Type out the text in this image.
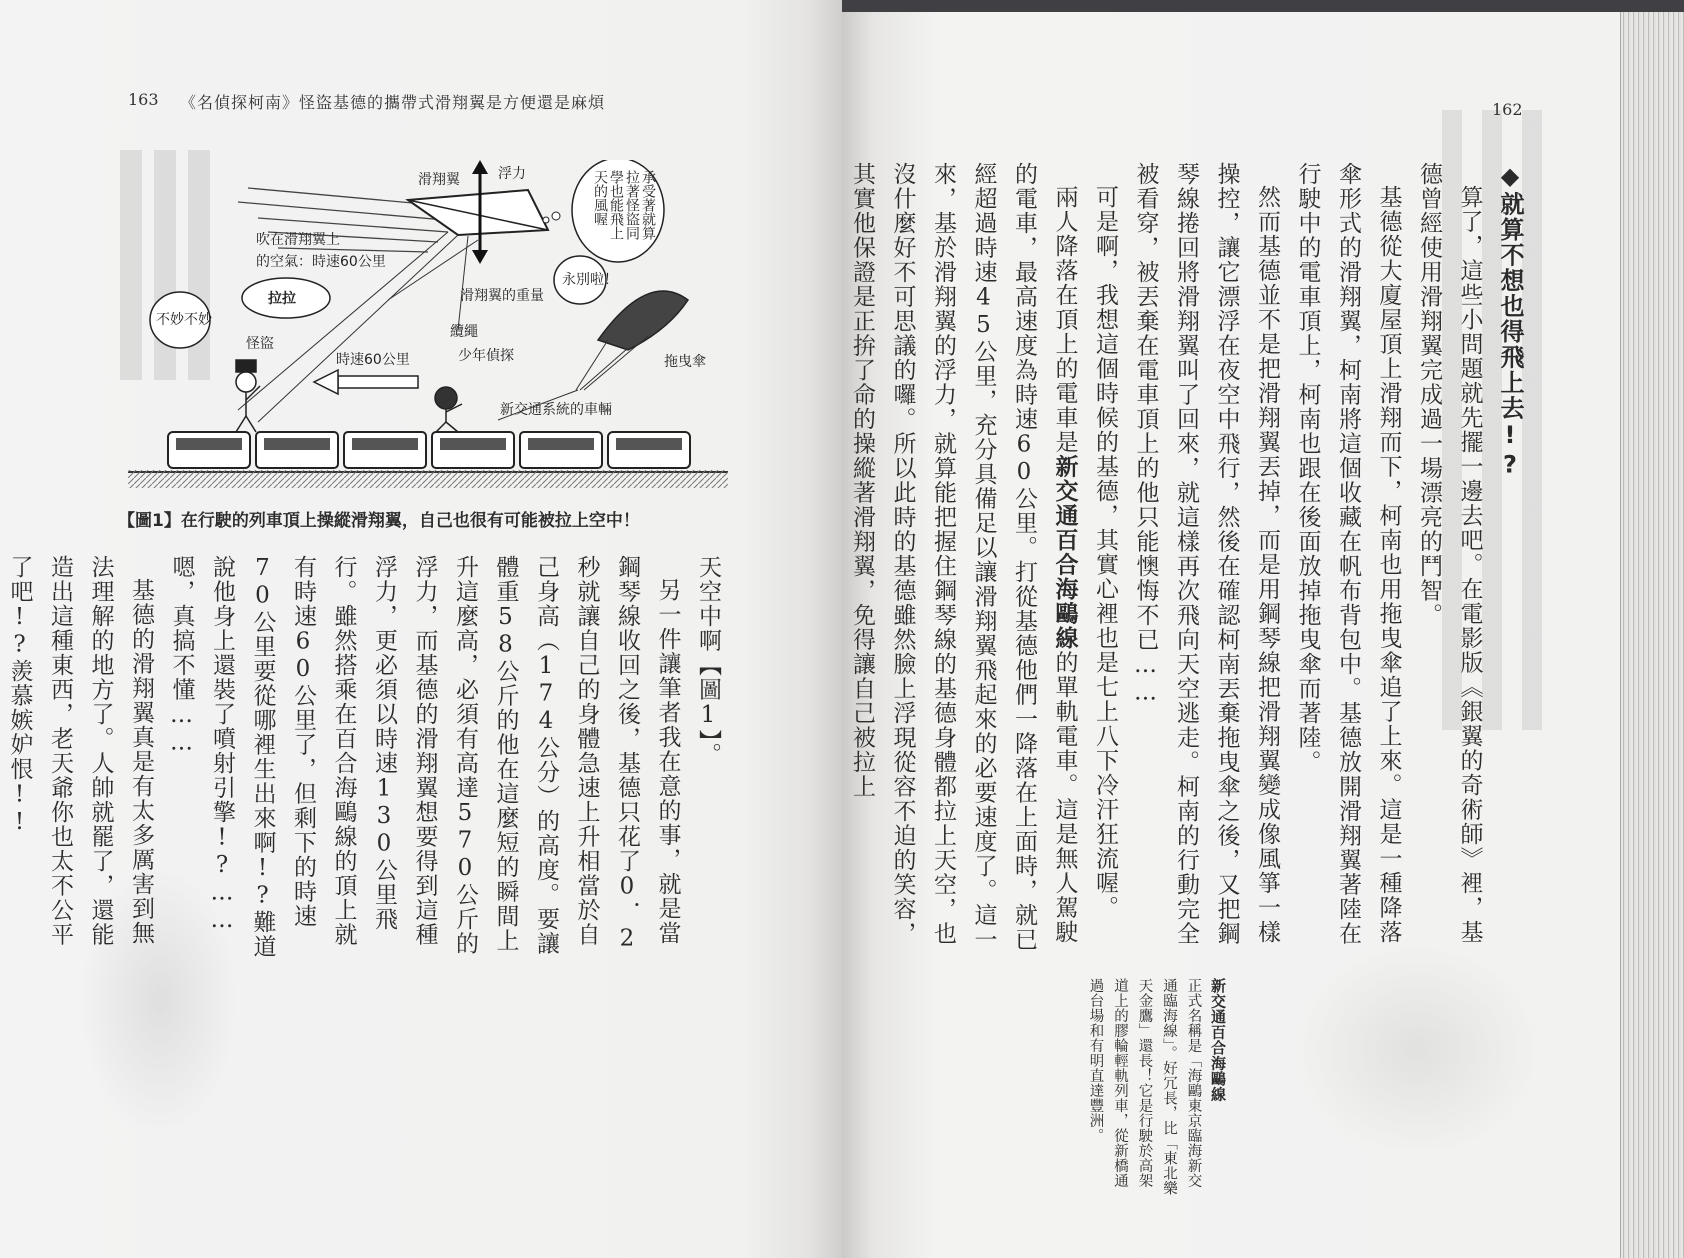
163 《名偵探柯南》怪盜基德的攜帶式滑翔翼是方便還是麻煩
滑翔翼	浮力
吹在滑翔翼上
的空氣：時速60公里
滑翔翼的重量
纜繩
怪盜
時速60公里	少年偵探
新交通系統的車輛
拖曳傘
拉拉
不妙不妙
永別啦！
承受著就算
拉著怪盜同
學也能飛上
天的風喔
【圖1】在行駛的列車頂上操縱滑翔翼，自己也很有可能被拉上空中！

天空中啊【圖1】。

另一件讓筆者我在意的事，就是當鋼琴線收回之後，基德只花了0．2秒就讓自己的身體急速上升相當於自己身高（174公分）的高度。要讓體重58公斤的他在這麼短的瞬間上升這麼高，必須有高達570公斤的浮力，而基德的滑翔翼想要得到這種浮力，更必須以時速130公里飛行。雖然搭乘在百合海鷗線的頂上就有時速60公里了，但剩下的時速70公里要從哪裡生出來啊!?難道說他身上還裝了噴射引擎!?……嗯，真搞不懂……

基德的滑翔翼真是有太多厲害到無法理解的地方了。人帥就罷了，還能造出這種東西，老天爺你也太不公平了吧!?羨慕嫉妒恨!!

162
◆就算不想也得飛上去!?

算了，這些小問題就先擺一邊去吧。在電影版《銀翼的奇術師》裡，基德曾經使用滑翔翼完成過一場漂亮的鬥智。

基德從大廈屋頂上滑翔而下，柯南也用拖曳傘追了上來。這是一種降落傘形式的滑翔翼，柯南將這個收藏在帆布背包中。基德放開滑翔翼著陸在行駛中的電車頂上，柯南也跟在後面放掉拖曳傘而著陸。

然而基德並不是把滑翔翼丟掉，而是用鋼琴線把滑翔翼變成像風箏一樣操控，讓它漂浮在夜空中飛行，然後在確認柯南丟棄拖曳傘之後，又把鋼琴線捲回將滑翔翼叫了回來，就這樣再次飛向天空逃走。柯南的行動完全被看穿，被丟棄在電車頂上的他只能懊悔不已……

可是啊，我想這個時候的基德，其實心裡也是七上八下冷汗狂流喔。

兩人降落在頂上的電車是新交通百合海鷗線的單軌電車。這是無人駕駛的電車，最高速度為時速60公里。打從基德他們一降落在上面時，就已經超過時速45公里，充分具備足以讓滑翔翼飛起來的必要速度了。這一來，基於滑翔翼的浮力，就算能把握住鋼琴線的基德身體都拉上天空，也沒什麼好不可思議的囉。所以此時的基德雖然臉上浮現從容不迫的笑容，其實他保證是正拚了命的操縱著滑翔翼，免得讓自己被拉上

新交通百合海鷗線

正式名稱是「海鷗東京臨海新交通臨海線」。好冗長，比「東北樂天金鷹」還長！它是行駛於高架道上的膠輪輕軌列車，從新橋通過台場和有明直達豐洲。
